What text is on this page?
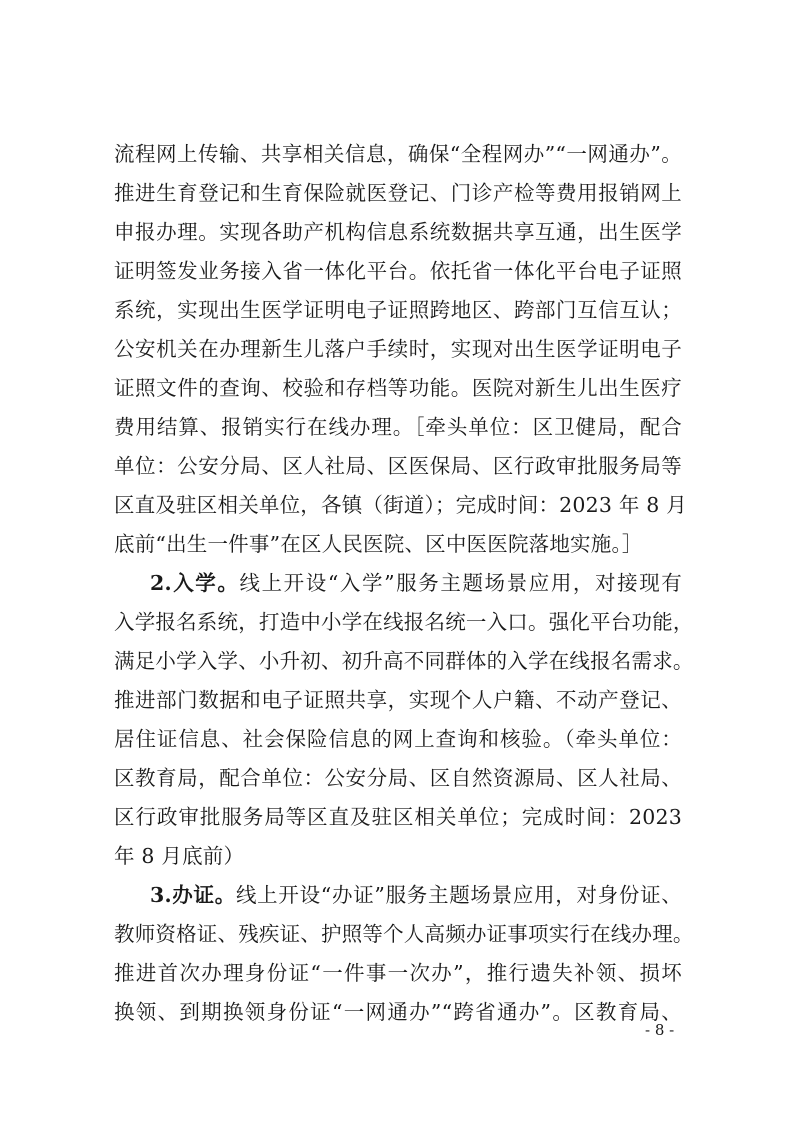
流程网上传输、共享相关信息，确保“全程网办”“一网通办”。
推进生育登记和生育保险就医登记、门诊产检等费用报销网上
申报办理。实现各助产机构信息系统数据共享互通，出生医学
证明签发业务接入省一体化平台。依托省一体化平台电子证照
系统，实现出生医学证明电子证照跨地区、跨部门互信互认；
公安机关在办理新生儿落户手续时，实现对出生医学证明电子
证照文件的查询、校验和存档等功能。医院对新生儿出生医疗
费用结算、报销实行在线办理。［牵头单位：区卫健局，配合
单位：公安分局、区人社局、区医保局、区行政审批服务局等
区直及驻区相关单位，各镇（街道）；完成时间：2023 年 8 月
底前“出生一件事”在区人民医院、区中医医院落地实施。］
2.入学。线上开设“入学”服务主题场景应用，对接现有
入学报名系统，打造中小学在线报名统一入口。强化平台功能，
满足小学入学、小升初、初升高不同群体的入学在线报名需求。
推进部门数据和电子证照共享，实现个人户籍、不动产登记、
居住证信息、社会保险信息的网上查询和核验。（牵头单位：
区教育局，配合单位：公安分局、区自然资源局、区人社局、
区行政审批服务局等区直及驻区相关单位；完成时间：2023
年 8 月底前）
3.办证。线上开设“办证”服务主题场景应用，对身份证、
教师资格证、残疾证、护照等个人高频办证事项实行在线办理。
推进首次办理身份证“一件事一次办”，推行遗失补领、损坏
换领、到期换领身份证“一网通办”“跨省通办”。区教育局、
- 8 -
